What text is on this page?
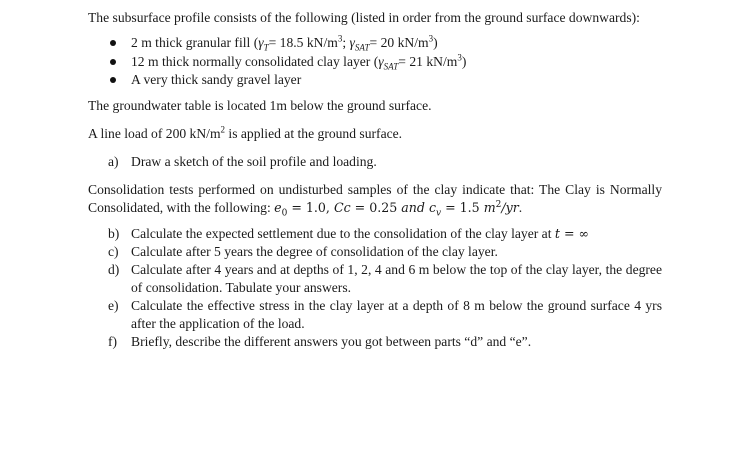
The subsurface profile consists of the following (listed in order from the ground surface downwards):

2 m thick granular fill ($\gamma_T= 18.5$ $kN/m^3$; $\gamma_{SAT}= 20$ $kN/m^3$)
12 m thick normally consolidated clay layer ($\gamma_{SAT}= 21$ $kN/m^3$)
A very thick sandy gravel layer

The groundwater table is located 1m below the ground surface.

A line load of 200 $kN/m^2$ is applied at the ground surface.

a) Draw a sketch of the soil profile and loading.

Consolidation tests performed on undisturbed samples of the clay indicate that: The Clay is Normally Consolidated, with the following: $e_0 = 1.0$, Cc = 0.25 and $c_v = 1.5$ $m^2/yr$.

b) Calculate the expected settlement due to the consolidation of the clay layer at t = ∞

c) Calculate after 5 years the degree of consolidation of the clay layer.

d) Calculate after 4 years and at depths of 1, 2, 4 and 6 m below the top of the clay layer, the degree of consolidation. Tabulate your answers.

e) Calculate the effective stress in the clay layer at a depth of 8 m below the ground surface 4 yrs after the application of the load.

f)	Briefly, describe the different answers you got between parts “d” and “e”.
